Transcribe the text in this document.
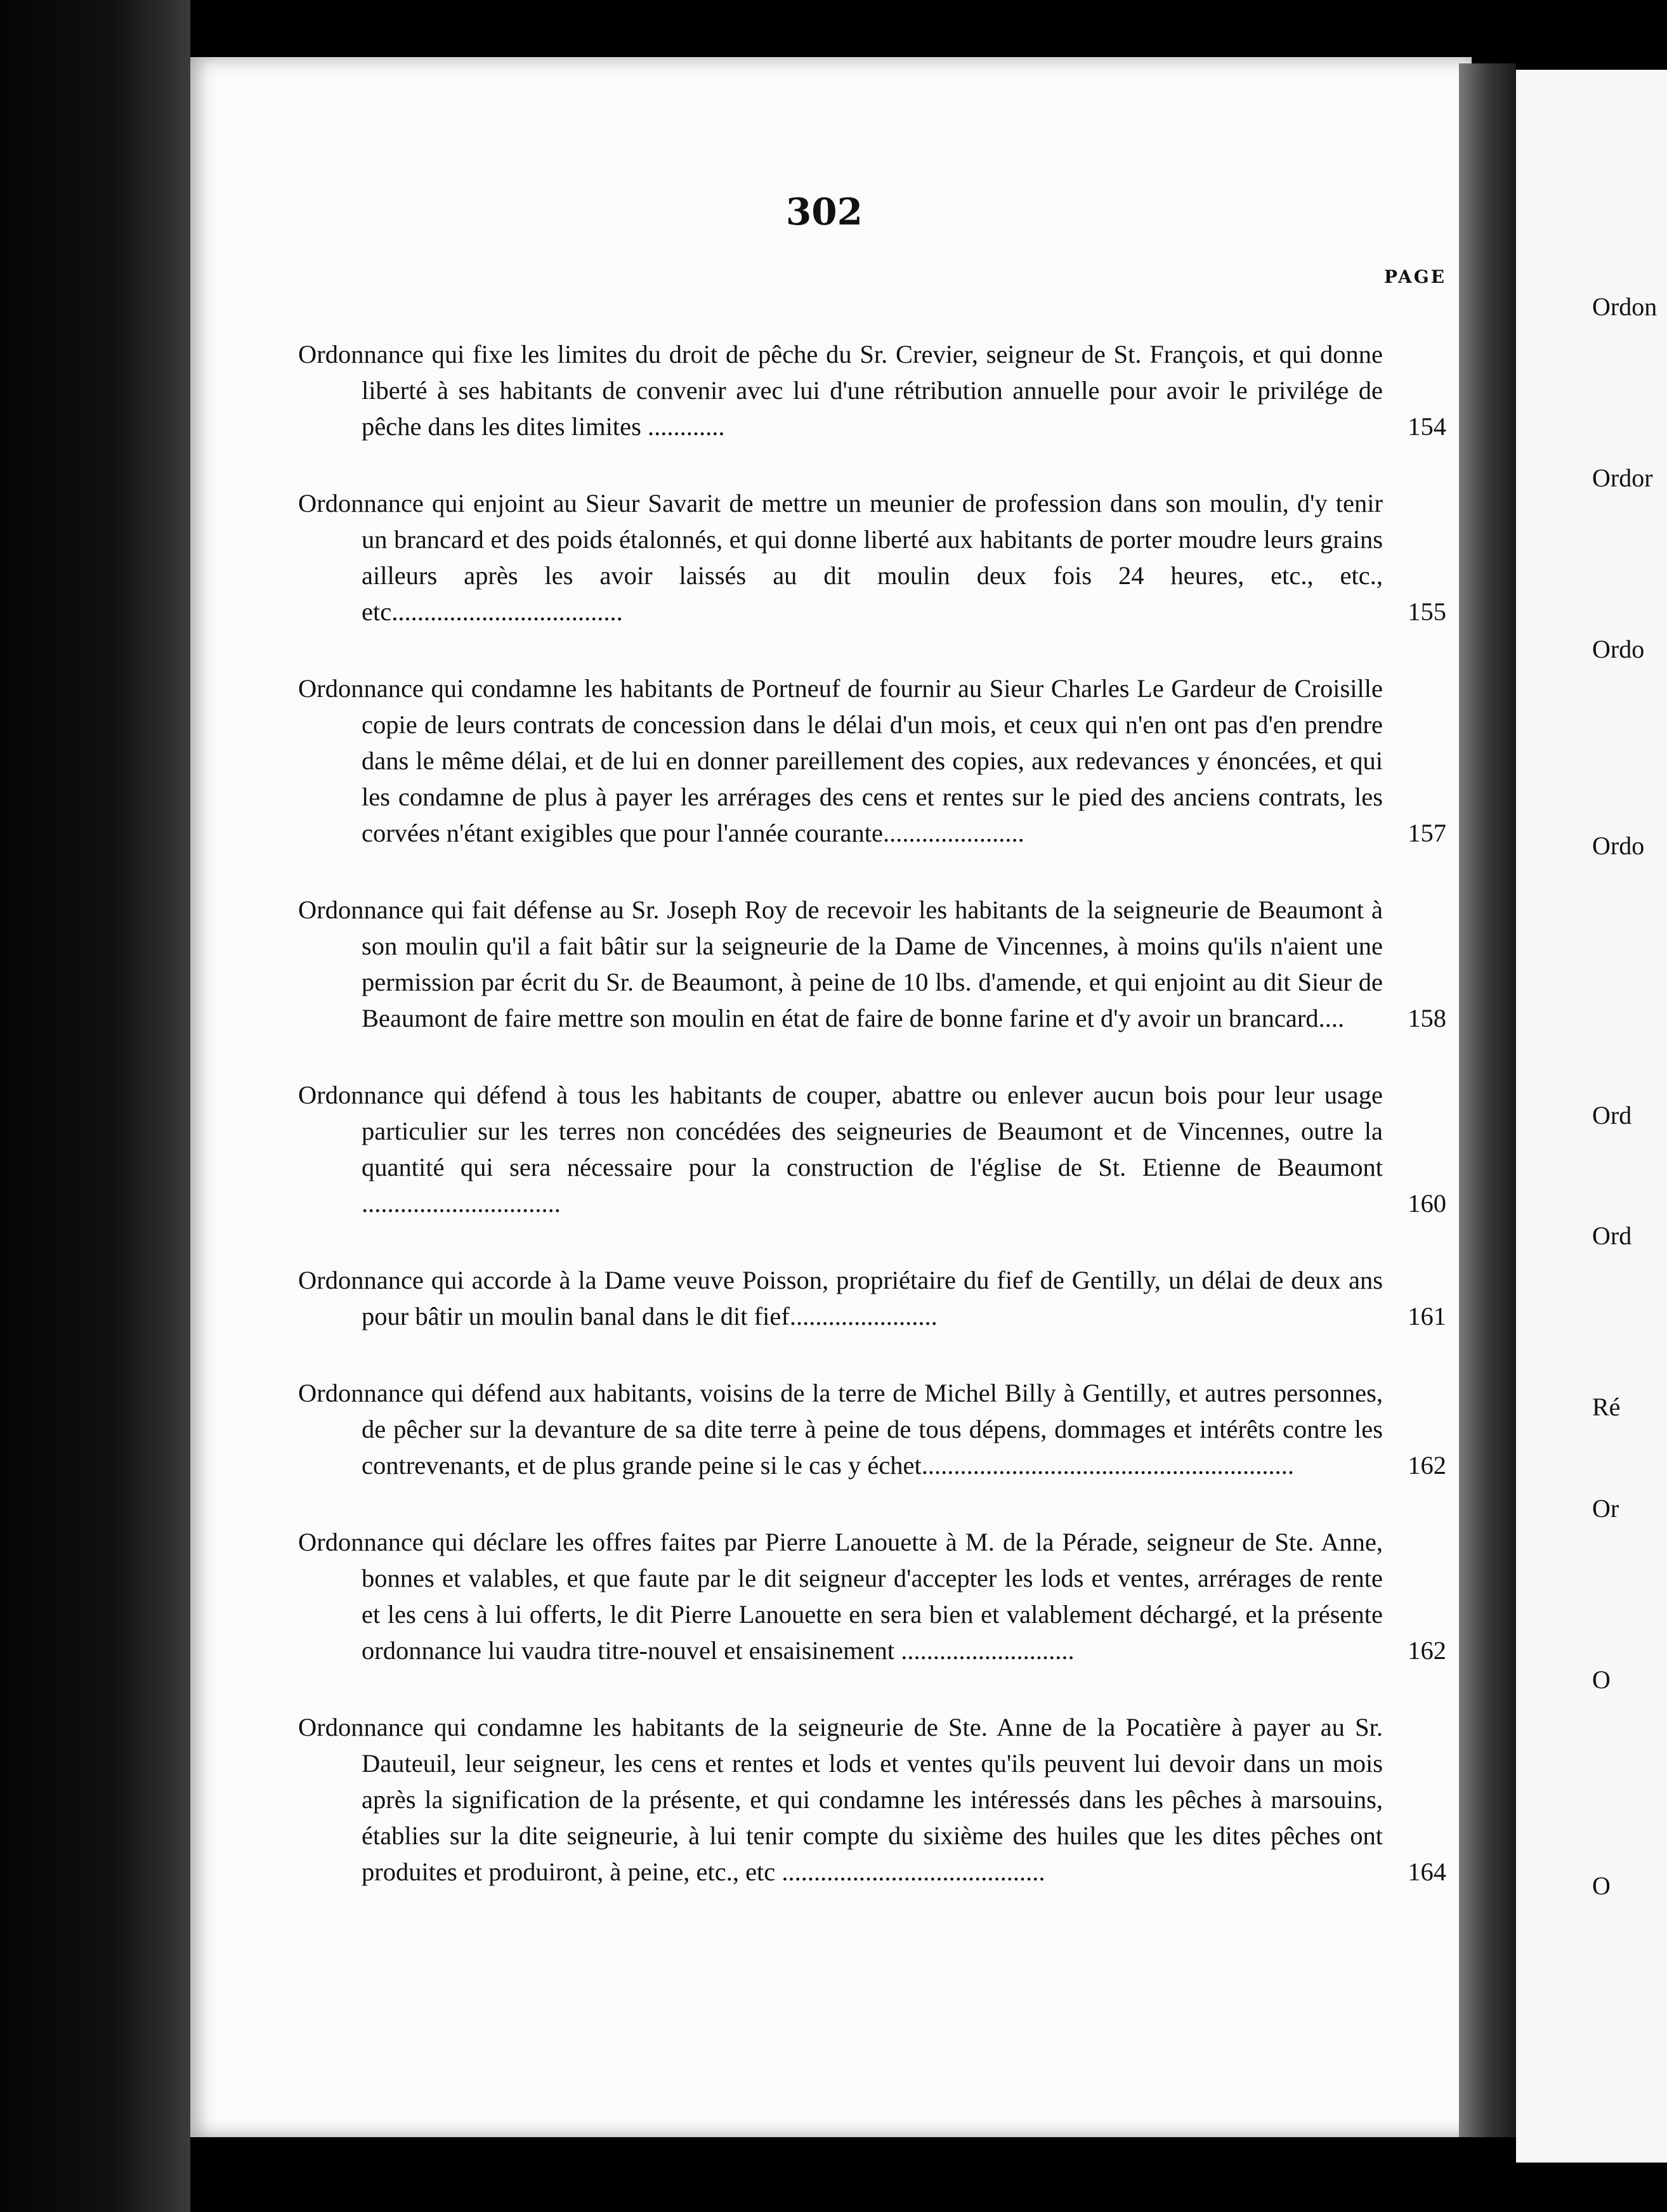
302
PAGE
Ordonnance qui fixe les limites du droit de pêche du Sr. Crevier, seigneur de St. François, et qui donne liberté à ses habitants de convenir avec lui d'une rétribution annuelle pour avoir le privilége de pêche dans les dites limites ............	154
Ordonnance qui enjoint au Sieur Savarit de mettre un meunier de profession dans son moulin, d'y tenir un brancard et des poids étalonnés, et qui donne liberté aux habitants de porter moudre leurs grains ailleurs après les avoir laissés au dit moulin deux fois 24 heures, etc., etc., etc....................................	155
Ordonnance qui condamne les habitants de Portneuf de fournir au Sieur Charles Le Gardeur de Croisille copie de leurs contrats de concession dans le délai d'un mois, et ceux qui n'en ont pas d'en prendre dans le même délai, et de lui en donner pareillement des copies, aux redevances y énoncées, et qui les condamne de plus à payer les arrérages des cens et rentes sur le pied des anciens contrats, les corvées n'étant exigibles que pour l'année courante......................	157
Ordonnance qui fait défense au Sr. Joseph Roy de recevoir les habitants de la seigneurie de Beaumont à son moulin qu'il a fait bâtir sur la seigneurie de la Dame de Vincennes, à moins qu'ils n'aient une permission par écrit du Sr. de Beaumont, à peine de 10 lbs. d'amende, et qui enjoint au dit Sieur de Beaumont de faire mettre son moulin en état de faire de bonne farine et d'y avoir un brancard....	158
Ordonnance qui défend à tous les habitants de couper, abattre ou enlever aucun bois pour leur usage particulier sur les terres non concédées des seigneuries de Beaumont et de Vincennes, outre la quantité qui sera nécessaire pour la construction de l'église de St. Etienne de Beaumont ...............................	160
Ordonnance qui accorde à la Dame veuve Poisson, propriétaire du fief de Gentilly, un délai de deux ans pour bâtir un moulin banal dans le dit fief.......................	161
Ordonnance qui défend aux habitants, voisins de la terre de Michel Billy à Gentilly, et autres personnes, de pêcher sur la devanture de sa dite terre à peine de tous dépens, dommages et intérêts contre les contrevenants, et de plus grande peine si le cas y échet..........................................................	162
Ordonnance qui déclare les offres faites par Pierre Lanouette à M. de la Pérade, seigneur de Ste. Anne, bonnes et valables, et que faute par le dit seigneur d'accepter les lods et ventes, arrérages de rente et les cens à lui offerts, le dit Pierre Lanouette en sera bien et valablement déchargé, et la présente ordonnance lui vaudra titre-nouvel et ensaisinement ...........................	162
Ordonnance qui condamne les habitants de la seigneurie de Ste. Anne de la Pocatière à payer au Sr. Dauteuil, leur seigneur, les cens et rentes et lods et ventes qu'ils peuvent lui devoir dans un mois après la signification de la présente, et qui condamne les intéressés dans les pêches à marsouins, établies sur la dite seigneurie, à lui tenir compte du sixième des huiles que les dites pêches ont produites et produiront, à peine, etc., etc .........................................	164
Ordon
Ordor
Ordo
Ordo
Ord
Ord
Ré
Or
O
O
